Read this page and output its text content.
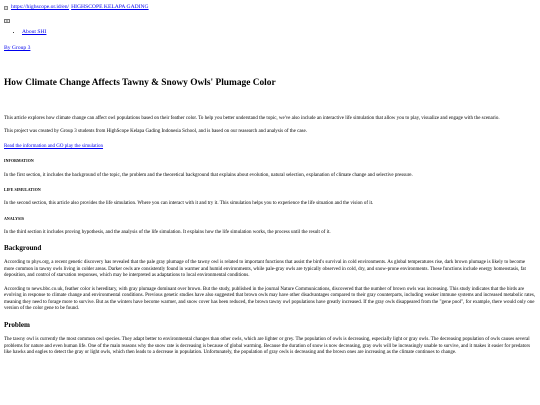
https://highscope.or.id/en/ HIGHSCOPE KELAPA GADING
≡
• About SHI
By Group 3
How Climate Change Affects Tawny & Snowy Owls' Plumage Color

This article explores how climate change can affect owl populations based on their feather color. To help you better understand the topic, we've also include an interactive life simulation that allow you to play, visualize and engage with the scenario.

This project was created by Group 3 students from HighScope Kelapa Gading Indonesia School, and is based on our reasearch and analysis of the case.

Read the information and GO play the simulation
INFORMATION

In the first section, it includes the background of the topic, the problem and the theoretical background that explains about evolution, natural selection, explanation of climate change and selective pressure.

LIFE SIMULATION

In the second section, this article also provides the life simulation. Where you can interact with it and try it. This simulation helps you to experience the life situation and the vision of it.

ANALYSIS

In the third section it includes proving hypothesis, and the analysis of the life simulation. It explains how the life simulation works, the process until the result of it.

Background

According to phys.org, a recent genetic discovery has revealed that the pale gray plumage of the tawny owl is related to important functions that assist the bird's survival in cold environments. As global temperatures rise, dark brown plumage is likely to become more common in tawny owls living in colder areas. Darker owls are consistently found in warmer and humid environments, while pale-gray owls are typically observed in cold, dry, and snow-prone environments. These functions include energy homeostasis, fat deposition, and control of starvation responses, which may be interpreted as adaptations to local environmental conditions.

According to news.bbc.co.uk, feather color is hereditary, with gray plumage dominant over brown. But the study, published in the journal Nature Communications, discovered that the number of brown owls was increasing. This study indicates that the birds are evolving in response to climate change and environmental conditions. Previous genetic studies have also suggested that brown owls may have other disadvantages compared to their gray counterparts, including weaker immune systems and increased metabolic rates, meaning they need to forage more to survive. But as the winters have become warmer, and snow cover has been reduced, the brown tawny owl populations have greatly increased. If the gray owls disappeared from the "gene pool", for example, there would only one version of the color gene to be found.

Problem

The tawny owl is currently the most common owl species. They adapt better to environmental changes than other owls, which are lighter or grey. The population of owls is decreasing, especially light or gray owls. The decreasing population of owls causes several problems for nature and even human life. One of the main reasons why the snow rate is decreasing is because of global warming. Because the duration of snow is now decreasing, gray owls will be increasingly unable to survive, and it makes it easier for predators like hawks and eagles to detect the gray or light owls, which then leads to a decrease in population. Unfortunately, the population of gray owls is decreasing and the brown ones are increasing as the climate continues to change.
